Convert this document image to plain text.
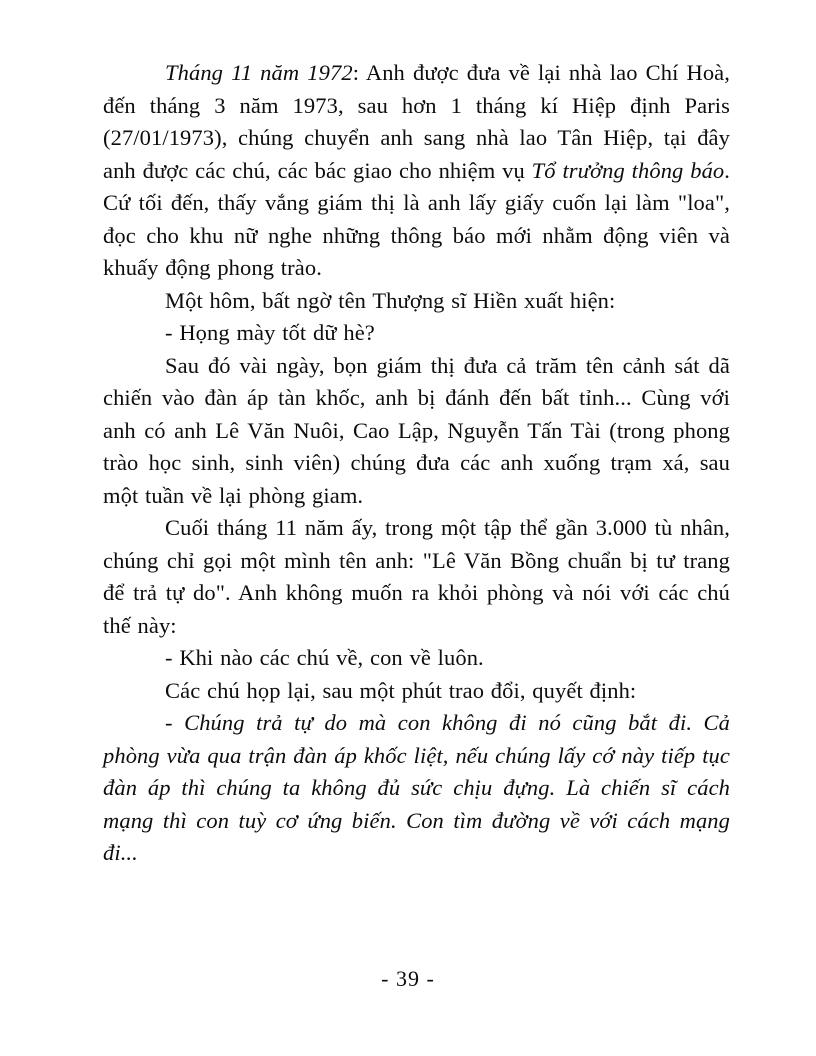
Tháng 11 năm 1972: Anh được đưa về lại nhà lao Chí Hoà, đến tháng 3 năm 1973, sau hơn 1 tháng kí Hiệp định Paris (27/01/1973), chúng chuyển anh sang nhà lao Tân Hiệp, tại đây anh được các chú, các bác giao cho nhiệm vụ Tổ trưởng thông báo. Cứ tối đến, thấy vắng giám thị là anh lấy giấy cuốn lại làm "loa", đọc cho khu nữ nghe những thông báo mới nhằm động viên và khuấy động phong trào.

Một hôm, bất ngờ tên Thượng sĩ Hiền xuất hiện:

- Họng mày tốt dữ hè?

Sau đó vài ngày, bọn giám thị đưa cả trăm tên cảnh sát dã chiến vào đàn áp tàn khốc, anh bị đánh đến bất tỉnh... Cùng với anh có anh Lê Văn Nuôi, Cao Lập, Nguyễn Tấn Tài (trong phong trào học sinh, sinh viên) chúng đưa các anh xuống trạm xá, sau một tuần về lại phòng giam.

Cuối tháng 11 năm ấy, trong một tập thể gần 3.000 tù nhân, chúng chỉ gọi một mình tên anh: "Lê Văn Bồng chuẩn bị tư trang để trả tự do". Anh không muốn ra khỏi phòng và nói với các chú thế này:

- Khi nào các chú về, con về luôn.

Các chú họp lại, sau một phút trao đổi, quyết định:

- Chúng trả tự do mà con không đi nó cũng bắt đi. Cả phòng vừa qua trận đàn áp khốc liệt, nếu chúng lấy cớ này tiếp tục đàn áp thì chúng ta không đủ sức chịu đựng. Là chiến sĩ cách mạng thì con tuỳ cơ ứng biến. Con tìm đường về với cách mạng đi...

- 39 -
